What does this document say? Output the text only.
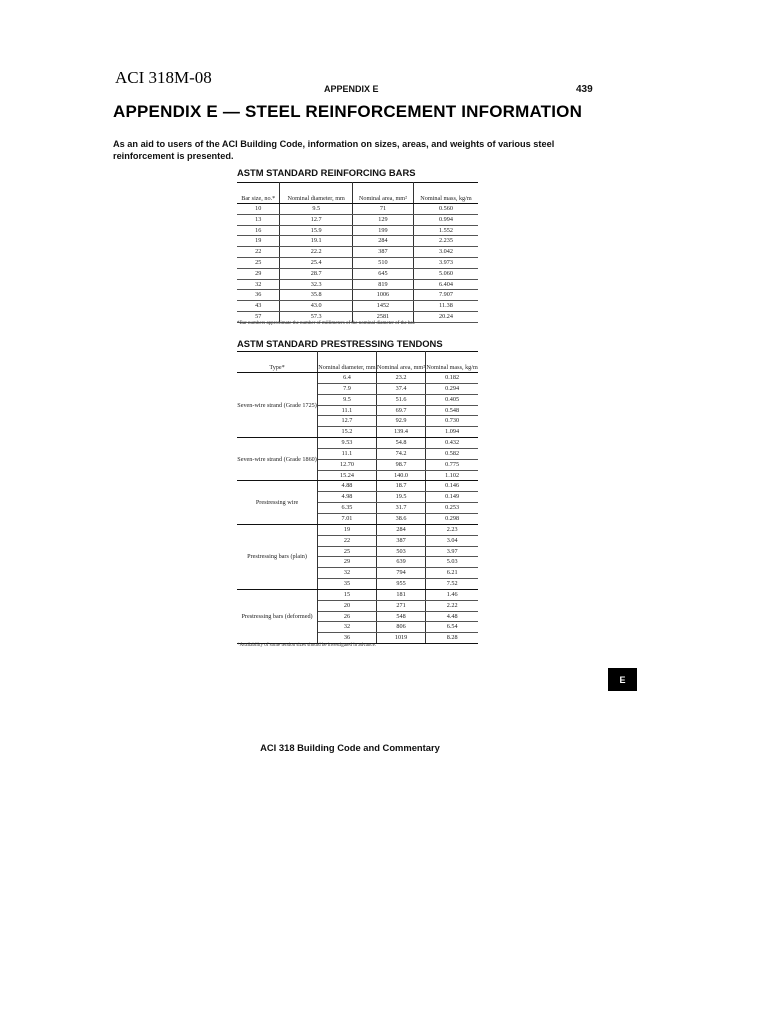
ACI 318M-08
APPENDIX E	439
APPENDIX E — STEEL REINFORCEMENT INFORMATION
As an aid to users of the ACI Building Code, information on sizes, areas, and weights of various steel reinforcement is presented.
ASTM STANDARD REINFORCING BARS
Bar size, no.*	Nominal diameter, mm	Nominal area, mm²	Nominal mass, kg/m
10	9.5	71	0.560
13	12.7	129	0.994
16	15.9	199	1.552
19	19.1	284	2.235
22	22.2	387	3.042
25	25.4	510	3.973
29	28.7	645	5.060
32	32.3	819	6.404
36	35.8	1006	7.907
43	43.0	1452	11.38
57	57.3	2581	20.24
*Bar numbers approximate the number of millimeters of the nominal diameter of the bar.
ASTM STANDARD PRESTRESSING TENDONS
Type*	Nominal diameter, mm	Nominal area, mm²	Nominal mass, kg/m
Seven-wire strand (Grade 1725)	6.4	23.2	0.182
	7.9	37.4	0.294
	9.5	51.6	0.405
	11.1	69.7	0.548
	12.7	92.9	0.730
	15.2	139.4	1.094
Seven-wire strand (Grade 1860)	9.53	54.8	0.432
	11.1	74.2	0.582
	12.70	98.7	0.775
	15.24	140.0	1.102
Prestressing wire	4.88	18.7	0.146
	4.98	19.5	0.149
	6.35	31.7	0.253
	7.01	38.6	0.298
Prestressing bars (plain)	19	284	2.23
	22	387	3.04
	25	503	3.97
	29	639	5.03
	32	794	6.21
	35	955	7.52
Prestressing bars (deformed)	15	181	1.46
	20	271	2.22
	26	548	4.48
	32	806	6.54
	36	1019	8.28
*Availability of some tendon sizes should be investigated in advance.
E
ACI 318 Building Code and Commentary
